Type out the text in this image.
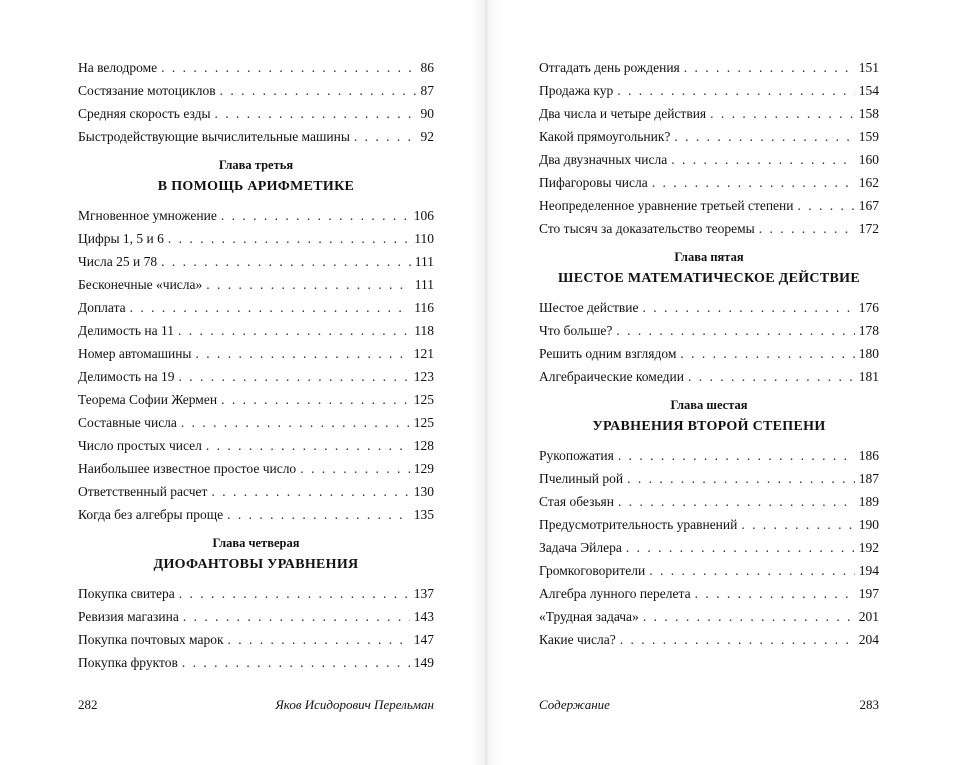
На велодроме . . .	86
Состязание мотоциклов . . .	87
Средняя скорость езды . . .	90
Быстродействующие вычислительные машины . . .	92
Глава третья
В ПОМОЩЬ АРИФМЕТИКЕ
Мгновенное умножение . . .	106
Цифры 1, 5 и 6 . . .	110
Числа 25 и 78 . . .	111
Бесконечные «числа» . . .	111
Доплата . . .	116
Делимость на 11 . . .	118
Номер автомашины . . .	121
Делимость на 19 . . .	123
Теорема Софии Жермен . . .	125
Составные числа . . .	125
Число простых чисел . . .	128
Наибольшее известное простое число . . .	129
Ответственный расчет . . .	130
Когда без алгебры проще . . .	135
Глава четверая
ДИОФАНТОВЫ УРАВНЕНИЯ
Покупка свитера . . .	137
Ревизия магазина . . .	143
Покупка почтовых марок . . .	147
Покупка фруктов . . .	149
282	Яков Исидорович Перельман
Отгадать день рождения . . .	151
Продажа кур . . .	154
Два числа и четыре действия . . .	158
Какой прямоугольник? . . .	159
Два двузначных числа . . .	160
Пифагоровы числа . . .	162
Неопределенное уравнение третьей степени . . .	167
Сто тысяч за доказательство теоремы . . .	172
Глава пятая
ШЕСТОЕ МАТЕМАТИЧЕСКОЕ ДЕЙСТВИЕ
Шестое действие . . .	176
Что больше? . . .	178
Решить одним взглядом . . .	180
Алгебраические комедии . . .	181
Глава шестая
УРАВНЕНИЯ ВТОРОЙ СТЕПЕНИ
Рукопожатия . . .	186
Пчелиный рой . . .	187
Стая обезьян . . .	189
Предусмотрительность уравнений . . .	190
Задача Эйлера . . .	192
Громкоговорители . . .	194
Алгебра лунного перелета . . .	197
«Трудная задача» . . .	201
Какие числа? . . .	204
Содержание	283
